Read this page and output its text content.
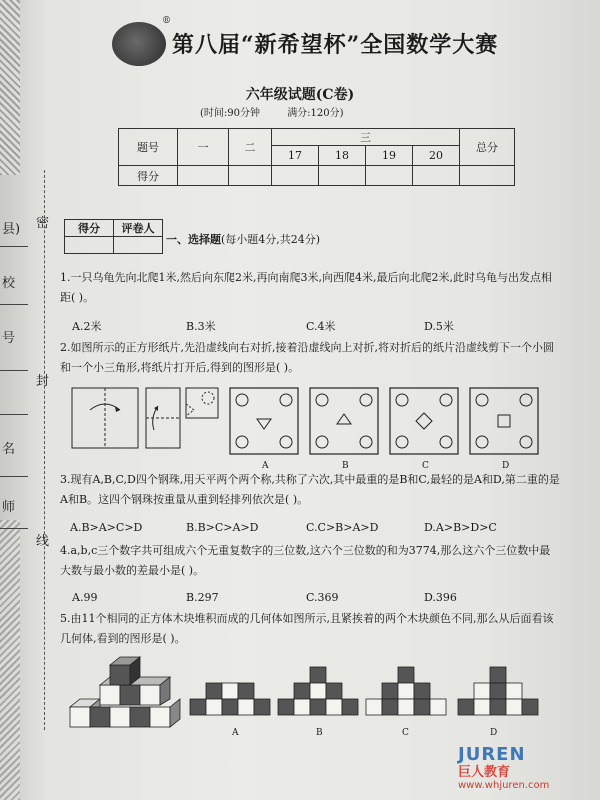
县)
校
号
名
师
密
封
线
®
第八届“新希望杯”全国数学大赛
六年级试题(C卷)
(时间:90分钟	满分:120分)
题号	一	二	三				总分
			17	18	19	20	
得分							
得分	评卷人

一、选择题(每小题4分,共24分)
1.一只乌龟先向北爬1米,然后向东爬2米,再向南爬3米,向西爬4米,最后向北爬2米,此时乌龟与出发点相距( )。
A.2米	B.3米	C.4米	D.5米
2.如图所示的正方形纸片,先沿虚线向右对折,接着沿虚线向上对折,将对折后的纸片沿虚线剪下一个小圆和一个小三角形,将纸片打开后,得到的图形是( )。
A	B	C	D
3.现有A,B,C,D四个钢珠,用天平两个两个称,共称了六次,其中最重的是B和C,最轻的是A和D,第二重的是A和B。这四个钢珠按重量从重到轻排列依次是( )。
A.B>A>C>D	B.B>C>A>D	C.C>B>A>D	D.A>B>D>C
4.a,b,c三个数字共可组成六个无重复数字的三位数,这六个三位数的和为3774,那么这六个三位数中最大数与最小数的差最小是( )。
A.99	B.297	C.369	D.396
5.由11个相同的正方体木块堆积而成的几何体如图所示,且紧挨着的两个木块颜色不同,那么从后面看该几何体,看到的图形是( )。
A	B	C	D
JUREN
巨人教育
www.whjuren.com
